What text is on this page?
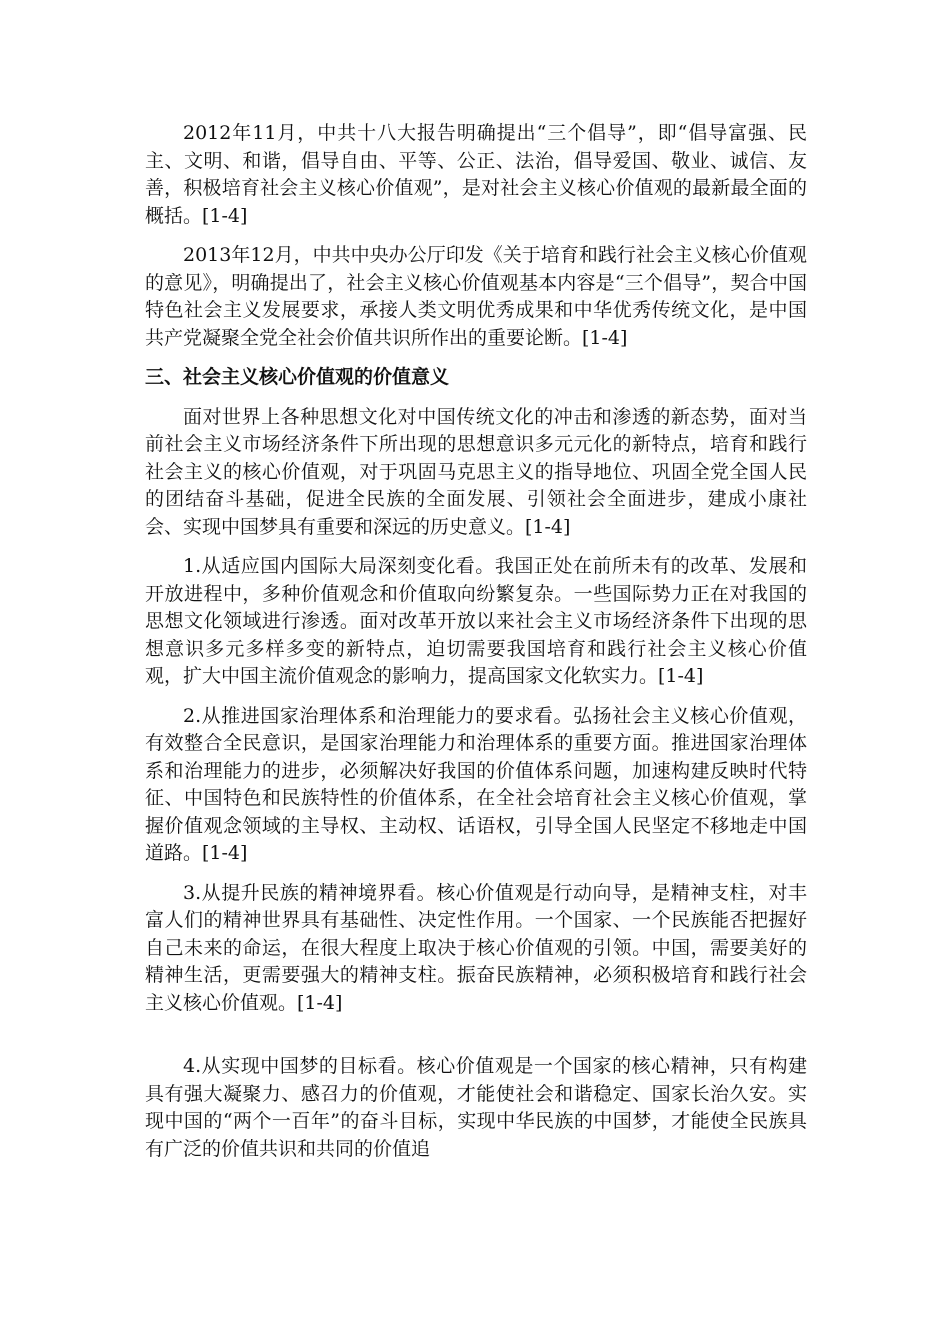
2012年11月，中共十八大报告明确提出“三个倡导”，即“倡导富强、民主、文明、和谐，倡导自由、平等、公正、法治，倡导爱国、敬业、诚信、友善，积极培育社会主义核心价值观”，是对社会主义核心价值观的最新最全面的概括。[1-4]

2013年12月，中共中央办公厅印发《关于培育和践行社会主义核心价值观的意见》，明确提出了，社会主义核心价值观基本内容是“三个倡导”，契合中国特色社会主义发展要求，承接人类文明优秀成果和中华优秀传统文化，是中国共产党凝聚全党全社会价值共识所作出的重要论断。[1-4]

三、社会主义核心价值观的价值意义

面对世界上各种思想文化对中国传统文化的冲击和渗透的新态势，面对当前社会主义市场经济条件下所出现的思想意识多元元化的新特点，培育和践行社会主义的核心价值观，对于巩固马克思主义的指导地位、巩固全党全国人民的团结奋斗基础，促进全民族的全面发展、引领社会全面进步，建成小康社会、实现中国梦具有重要和深远的历史意义。[1-4]

1.从适应国内国际大局深刻变化看。我国正处在前所未有的改革、发展和开放进程中，多种价值观念和价值取向纷繁复杂。一些国际势力正在对我国的思想文化领域进行渗透。面对改革开放以来社会主义市场经济条件下出现的思想意识多元多样多变的新特点，迫切需要我国培育和践行社会主义核心价值观，扩大中国主流价值观念的影响力，提高国家文化软实力。[1-4]

2.从推进国家治理体系和治理能力的要求看。弘扬社会主义核心价值观，有效整合全民意识，是国家治理能力和治理体系的重要方面。推进国家治理体系和治理能力的进步，必须解决好我国的价值体系问题，加速构建反映时代特征、中国特色和民族特性的价值体系，在全社会培育社会主义核心价值观，掌握价值观念领域的主导权、主动权、话语权，引导全国人民坚定不移地走中国道路。[1-4]

3.从提升民族的精神境界看。核心价值观是行动向导，是精神支柱，对丰富人们的精神世界具有基础性、决定性作用。一个国家、一个民族能否把握好自己未来的命运，在很大程度上取决于核心价值观的引领。中国，需要美好的精神生活，更需要强大的精神支柱。振奋民族精神，必须积极培育和践行社会主义核心价值观。[1-4]

4.从实现中国梦的目标看。核心价值观是一个国家的核心精神，只有构建具有强大凝聚力、感召力的价值观，才能使社会和谐稳定、国家长治久安。实现中国的“两个一百年”的奋斗目标，实现中华民族的中国梦，才能使全民族具有广泛的价值共识和共同的价值追
